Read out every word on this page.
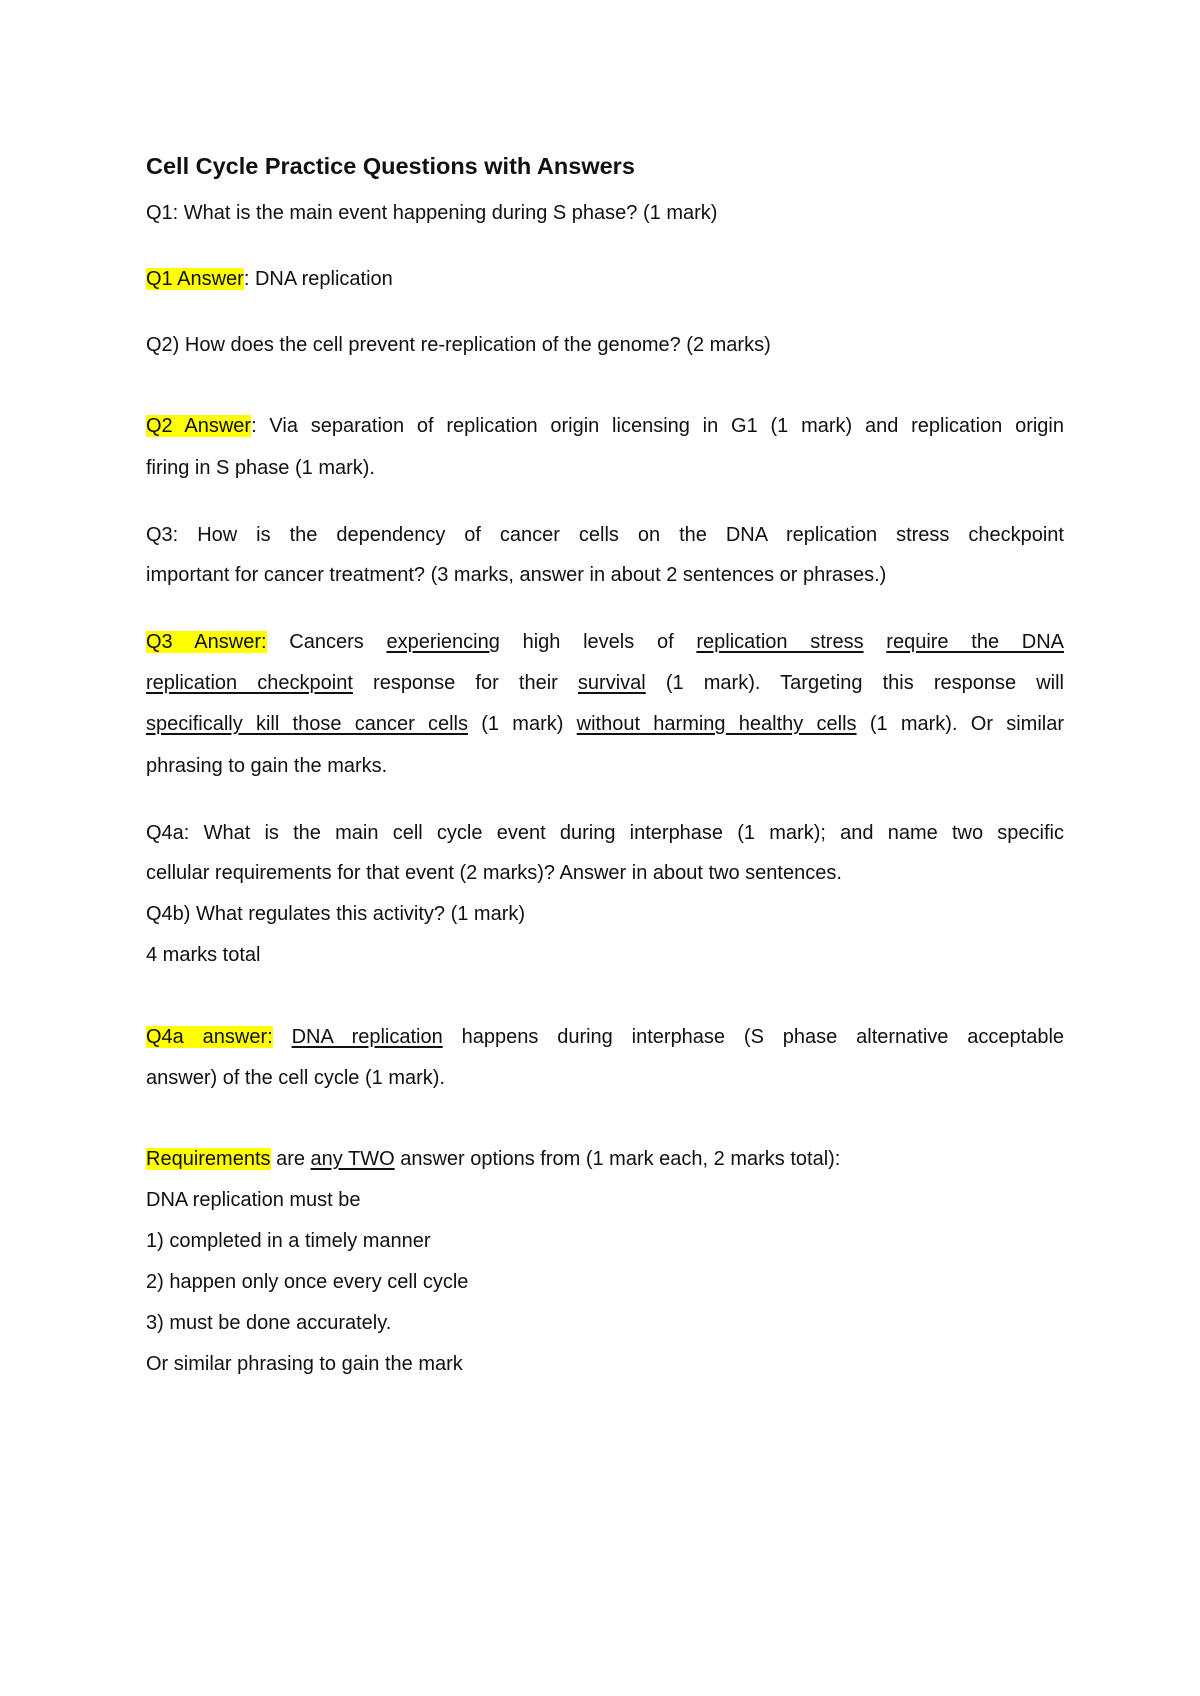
Cell Cycle Practice Questions with Answers
Q1: What is the main event happening during S phase? (1 mark)
Q1 Answer: DNA replication
Q2) How does the cell prevent re-replication of the genome? (2 marks)
Q2 Answer: Via separation of replication origin licensing in G1 (1 mark) and replication origin
firing in S phase (1 mark).
Q3: How is the dependency of cancer cells on the DNA replication stress checkpoint
important for cancer treatment? (3 marks, answer in about 2 sentences or phrases.)
Q3 Answer: Cancers experiencing high levels of replication stress require the DNA
replication checkpoint response for their survival (1 mark). Targeting this response will
specifically kill those cancer cells (1 mark) without harming healthy cells (1 mark). Or similar
phrasing to gain the marks.
Q4a: What is the main cell cycle event during interphase (1 mark); and name two specific
cellular requirements for that event (2 marks)? Answer in about two sentences.
Q4b) What regulates this activity? (1 mark)
4 marks total
Q4a answer: DNA replication happens during interphase (S phase alternative acceptable
answer) of the cell cycle (1 mark).
Requirements are any TWO answer options from (1 mark each, 2 marks total):
DNA replication must be
1) completed in a timely manner
2) happen only once every cell cycle
3) must be done accurately.
Or similar phrasing to gain the mark
